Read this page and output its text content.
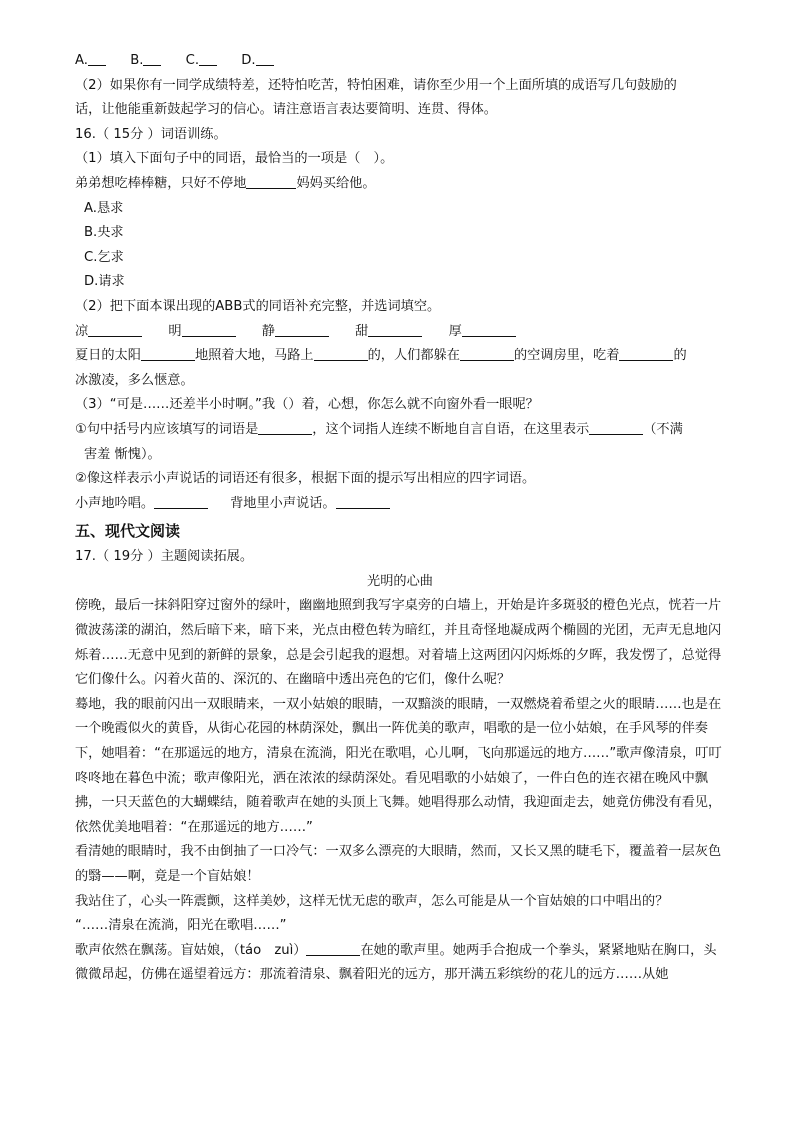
A.	B.	C.	D.
（2）如果你有一同学成绩特差，还特怕吃苦，特怕困难，请你至少用一个上面所填的成语写几句鼓励的
话，让他能重新鼓起学习的信心。请注意语言表达要简明、连贯、得体。
16.（ 15分 ）词语训练。
（1）填入下面句子中的同语，最恰当的一项是（　）。
弟弟想吃棒棒糖，只好不停地	妈妈买给他。
A.恳求
B.央求
C.乞求
D.请求
（2）把下面本课出现的ABB式的同语补充完整，并选词填空。
凉	明	静	甜	厚
夏日的太阳	地照着大地，马路上	的，人们都躲在	的空调房里，吃着	的
冰激凌，多么惬意。
（3）“可是……还差半小时啊。”我（）着，心想，你怎么就不向窗外看一眼呢？
①句中括号内应该填写的词语是	，这个词指人连续不断地自言自语，在这里表示	（不满
害羞 惭愧）。
②像这样表示小声说话的词语还有很多，根据下面的提示写出相应的四字词语。
小声地吟唱。	背地里小声说话。
五、现代文阅读
17.（ 19分 ）主题阅读拓展。
光明的心曲
傍晚，最后一抹斜阳穿过窗外的绿叶，幽幽地照到我写字桌旁的白墙上，开始是许多斑驳的橙色光点，恍若一片微波荡漾的湖泊，然后暗下来，暗下来，光点由橙色转为暗红，并且奇怪地凝成两个椭圆的光团，无声无息地闪烁着……无意中见到的新鲜的景象，总是会引起我的遐想。对着墙上这两团闪闪烁烁的夕晖，我发愣了，总觉得它们像什么。闪着火苗的、深沉的、在幽暗中透出亮色的它们，像什么呢？
蓦地，我的眼前闪出一双眼睛来，一双小姑娘的眼睛，一双黯淡的眼睛，一双燃烧着希望之火的眼睛……也是在一个晚霞似火的黄昏，从街心花园的林荫深处，飘出一阵优美的歌声，唱歌的是一位小姑娘，在手风琴的伴奏下，她唱着：“在那遥远的地方，清泉在流淌，阳光在歌唱，心儿啊，飞向那遥远的地方……”歌声像清泉，叮叮咚咚地在暮色中流；歌声像阳光，洒在浓浓的绿荫深处。看见唱歌的小姑娘了，一件白色的连衣裙在晚风中飘拂，一只天蓝色的大蝴蝶结，随着歌声在她的头顶上飞舞。她唱得那么动情，我迎面走去，她竟仿佛没有看见，依然优美地唱着：“在那遥远的地方……”
看清她的眼睛时，我不由倒抽了一口冷气：一双多么漂亮的大眼睛，然而，又长又黑的睫毛下，覆盖着一层灰色的翳——啊，竟是一个盲姑娘！
我站住了，心头一阵震颤，这样美妙，这样无忧无虑的歌声，怎么可能是从一个盲姑娘的口中唱出的？
“……清泉在流淌，阳光在歌唱……”
歌声依然在飘荡。盲姑娘，（táo　zuì）	在她的歌声里。她两手合抱成一个拳头，紧紧地贴在胸口，头微微昂起，仿佛在遥望着远方：那流着清泉、飘着阳光的远方，那开满五彩缤纷的花儿的远方……从她
